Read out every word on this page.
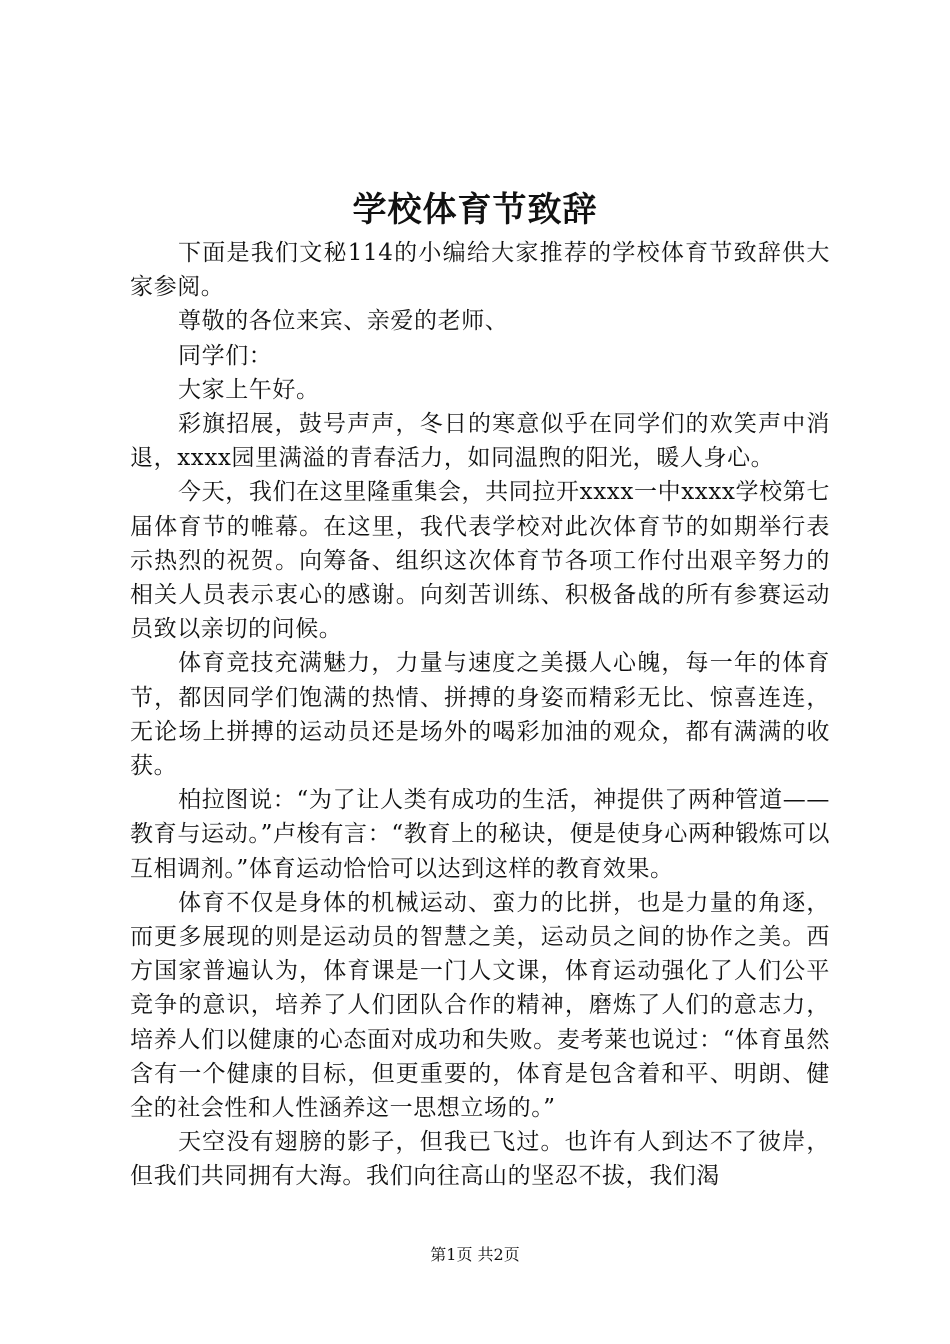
学校体育节致辞

下面是我们文秘114的小编给大家推荐的学校体育节致辞供大家参阅。

尊敬的各位来宾、亲爱的老师、

同学们：

大家上午好。

彩旗招展，鼓号声声，冬日的寒意似乎在同学们的欢笑声中消退，xxxx园里满溢的青春活力，如同温煦的阳光，暖人身心。

今天，我们在这里隆重集会，共同拉开xxxx一中xxxx学校第七届体育节的帷幕。在这里，我代表学校对此次体育节的如期举行表示热烈的祝贺。向筹备、组织这次体育节各项工作付出艰辛努力的相关人员表示衷心的感谢。向刻苦训练、积极备战的所有参赛运动员致以亲切的问候。

体育竞技充满魅力，力量与速度之美摄人心魄，每一年的体育节，都因同学们饱满的热情、拼搏的身姿而精彩无比、惊喜连连，无论场上拼搏的运动员还是场外的喝彩加油的观众，都有满满的收获。

柏拉图说：“为了让人类有成功的生活，神提供了两种管道——教育与运动。”卢梭有言：“教育上的秘诀，便是使身心两种锻炼可以互相调剂。”体育运动恰恰可以达到这样的教育效果。

体育不仅是身体的机械运动、蛮力的比拼，也是力量的角逐，而更多展现的则是运动员的智慧之美，运动员之间的协作之美。西方国家普遍认为，体育课是一门人文课，体育运动强化了人们公平竞争的意识，培养了人们团队合作的精神，磨炼了人们的意志力，培养人们以健康的心态面对成功和失败。麦考莱也说过：“体育虽然含有一个健康的目标，但更重要的，体育是包含着和平、明朗、健全的社会性和人性涵养这一思想立场的。”

天空没有翅膀的影子，但我已飞过。也许有人到达不了彼岸，但我们共同拥有大海。我们向往高山的坚忍不拔，我们渴

第1页 共2页
